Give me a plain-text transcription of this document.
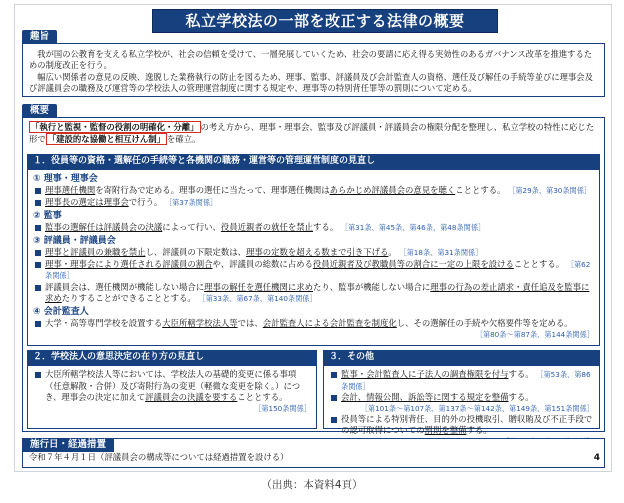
私立学校法の一部を改正する法律の概要
趣旨

我が国の公教育を支える私立学校が、社会の信頼を受けて、一層発展していくため、社会の要請に応え得る実効性のあるガバナンス改革を推進するための制度改正を行う。

幅広い関係者の意見の反映、逸脱した業務執行の防止を図るため、理事、監事、評議員及び会計監査人の資格、選任及び解任の手続等並びに理事会及び評議員会の職務及び運営等の学校法人の管理運営制度に関する規定や、理事等の特別背任罪等の罰則について定める。

概要
「執行と監視・監督の役割の明確化・分離」 の考え方から、理事・理事会、監事及び評議員・評議員会の権限分配を整理し、私立学校の特性に応じた形で 「建設的な協働と相互けん制」 を確立。
１．役員等の資格・選解任の手続等と各機関の職務・運営等の管理運営制度の見直し
① 理事・理事会
理事選任機関を寄附行為で定める。理事の選任に当たって、理事選任機関はあらかじめ評議員会の意見を聴くこととする。 ［第29条、第30条関係］
理事長の選定は理事会で行う。 ［第37条関係］
② 監事
監事の選解任は評議員会の決議によって行い、役員近親者の就任を禁止する。 ［第31条、第45条、第46条、第48条関係］
③ 評議員・評議員会
理事と評議員の兼職を禁止し、評議員の下限定数は、理事の定数を超える数まで引き下げる。 ［第18条、第31条関係］
理事・理事会により選任される評議員の割合や、評議員の総数に占める役員近親者及び教職員等の割合に一定の上限を設けることとする。 ［第62条関係］
評議員会は、選任機関が機能しない場合に理事の解任を選任機関に求めたり、監事が機能しない場合に理事の行為の差止請求・責任追及を監事に求めたりすることができることとする。 ［第33条、第67条、第140条関係］
④ 会計監査人
大学・高等専門学校を設置する大臣所轄学校法人等では、会計監査人による会計監査を制度化し、その選解任の手続や欠格要件等を定める。
［第80条～第87条、第144条関係］
２．学校法人の意思決定の在り方の見直し
大臣所轄学校法人等においては、学校法人の基礎的変更に係る事項（任意解散・合併）及び寄附行為の変更（軽微な変更を除く。）につき、理事会の決定に加えて評議員会の決議を要することとする。
［第150条関係］
３．その他
監事・会計監査人に子法人の調査権限を付与する。 ［第53条、第86条関係］
会計、情報公開、訴訟等に関する規定を整備する。
［第101条～第107条、第137条～第142条、第149条、第151条関係］
役員等による特別背任、目的外の投機取引、贈収賄及び不正手段での認可取得についての罰則を整備する。
施行日・経過措置
令和７年４月１日（評議員会の構成等については経過措置を設ける）	4
（出典：本資料4頁）
